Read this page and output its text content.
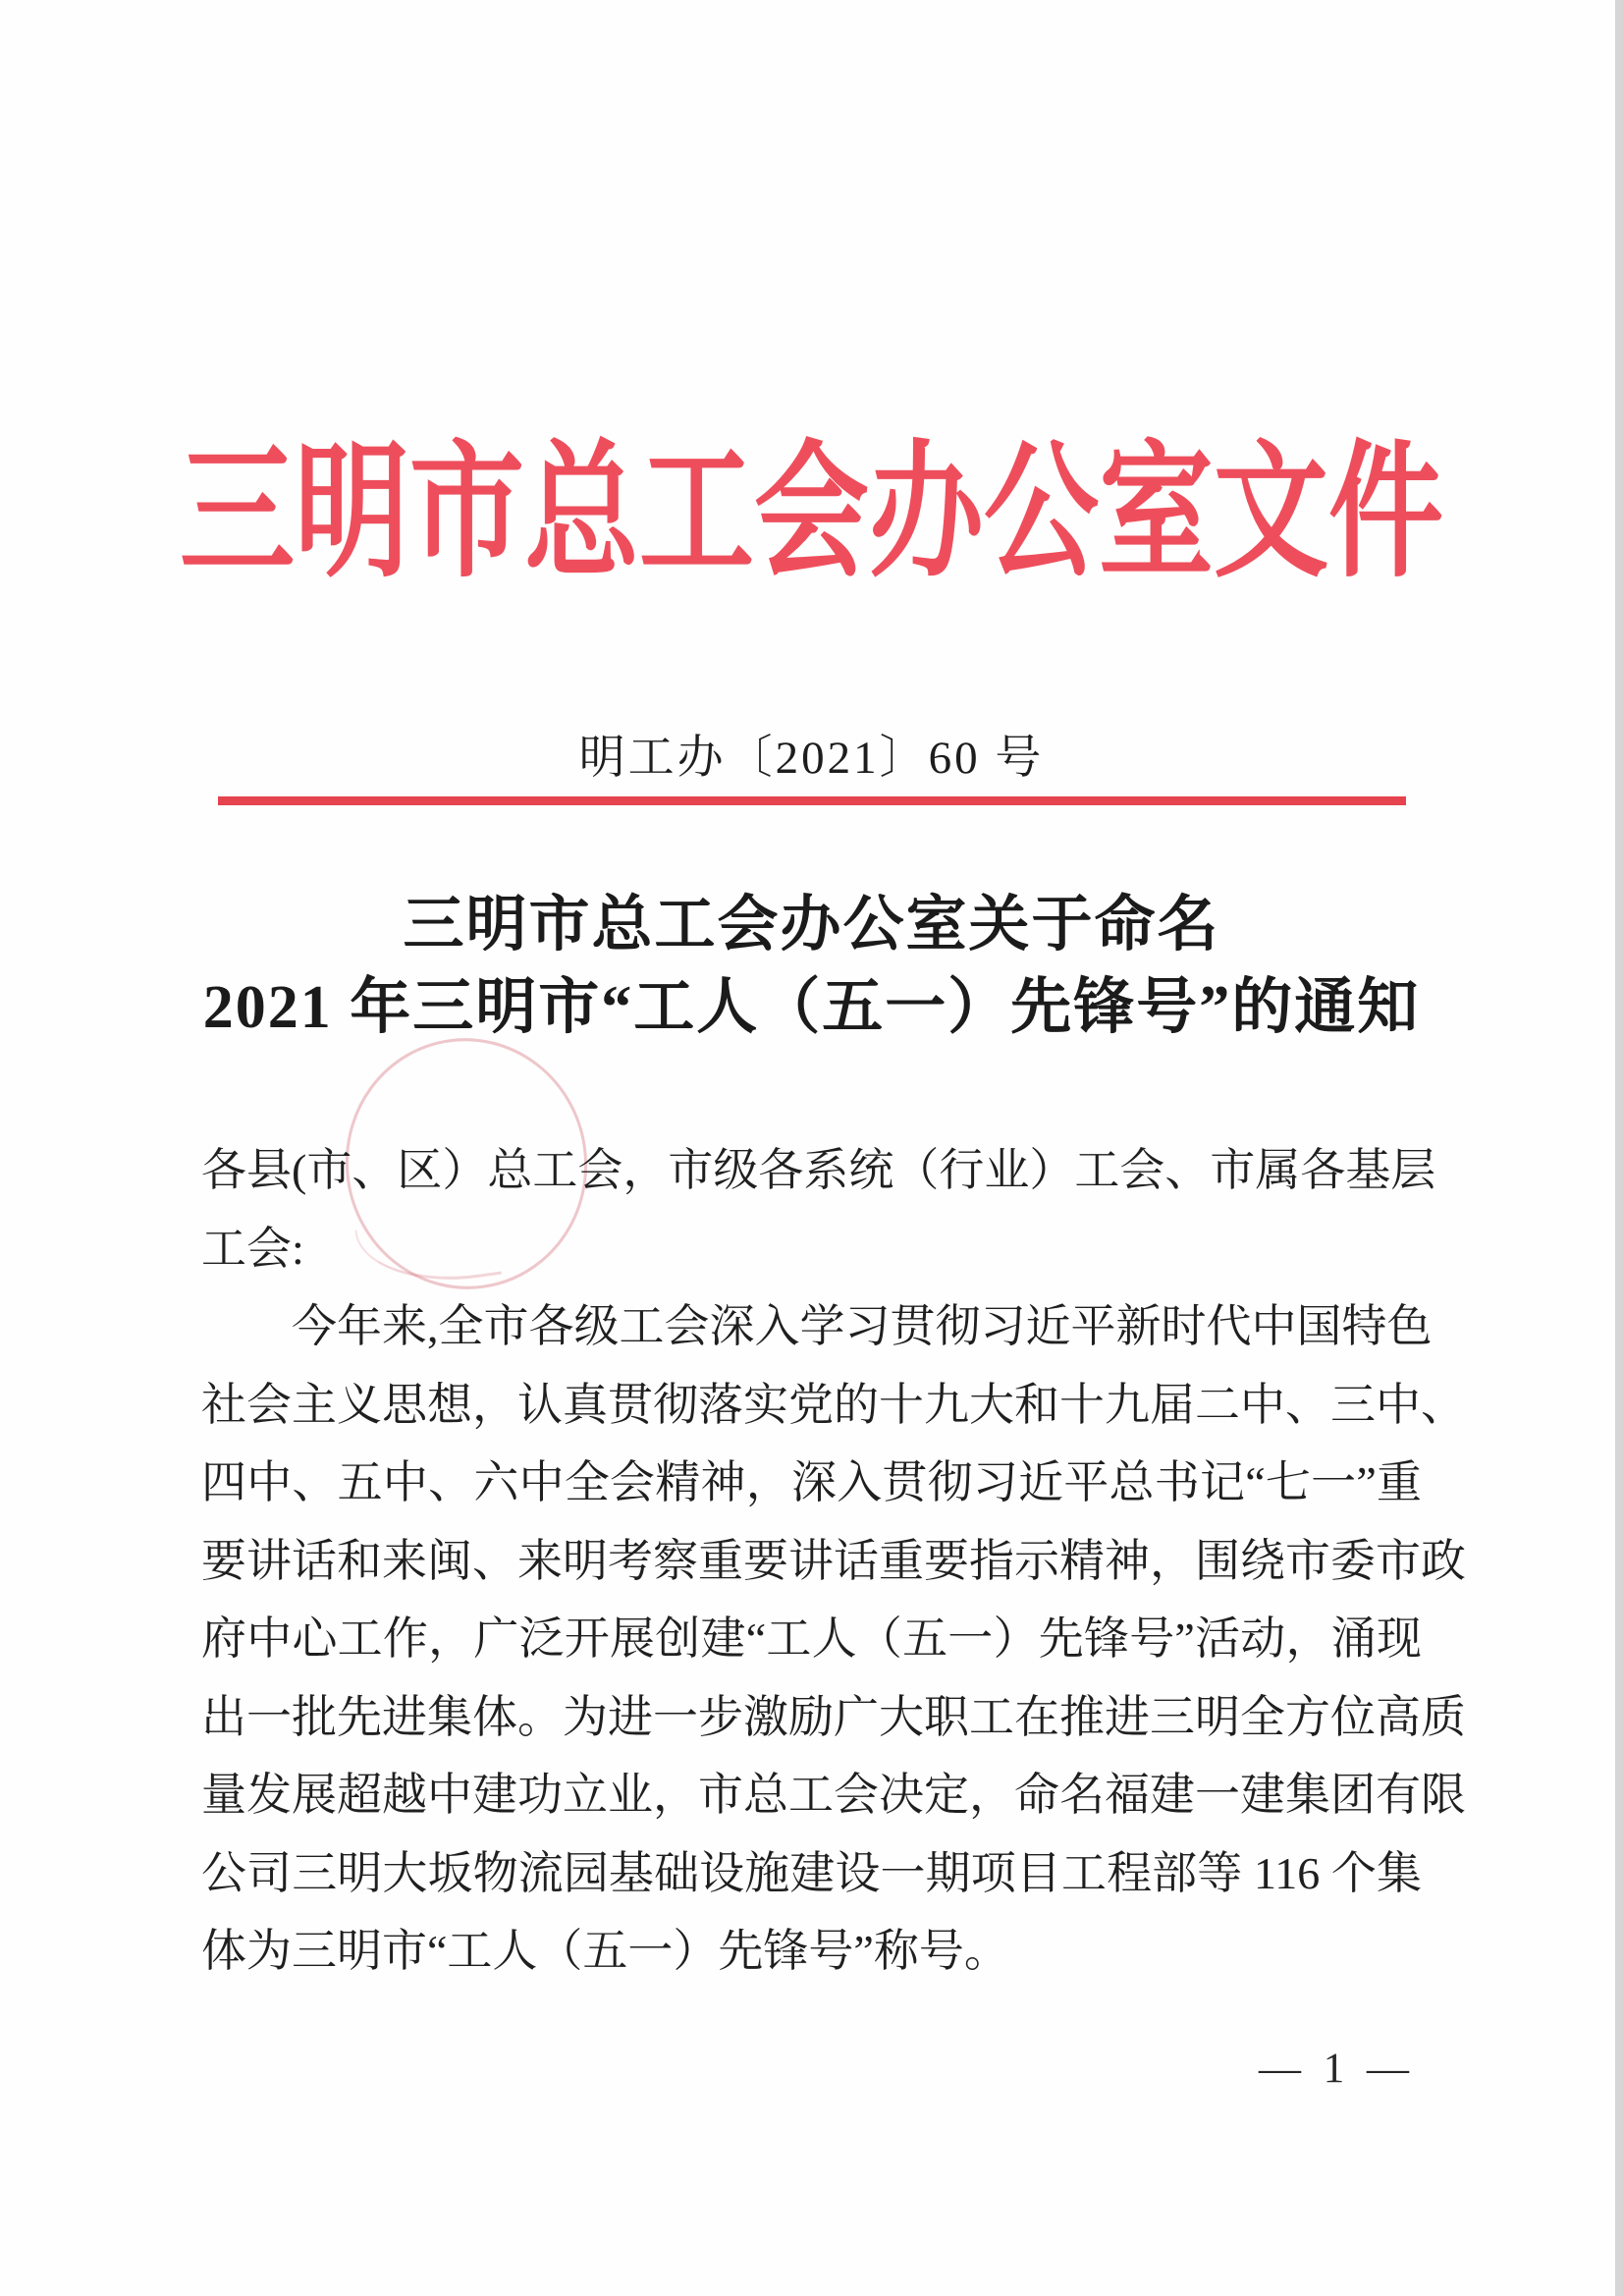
三明市总工会办公室文件
明工办〔2021〕60 号
三明市总工会办公室关于命名
2021 年三明市“工人（五一）先锋号”的通知
各县(市、区）总工会，市级各系统（行业）工会、市属各基层
工会:
今年来,全市各级工会深入学习贯彻习近平新时代中国特色
社会主义思想，认真贯彻落实党的十九大和十九届二中、三中、
四中、五中、六中全会精神，深入贯彻习近平总书记“七一”重
要讲话和来闽、来明考察重要讲话重要指示精神，围绕市委市政
府中心工作，广泛开展创建“工人（五一）先锋号”活动，涌现
出一批先进集体。为进一步激励广大职工在推进三明全方位高质
量发展超越中建功立业，市总工会决定，命名福建一建集团有限
公司三明大坂物流园基础设施建设一期项目工程部等 116 个集
体为三明市“工人（五一）先锋号”称号。
— 1 —
